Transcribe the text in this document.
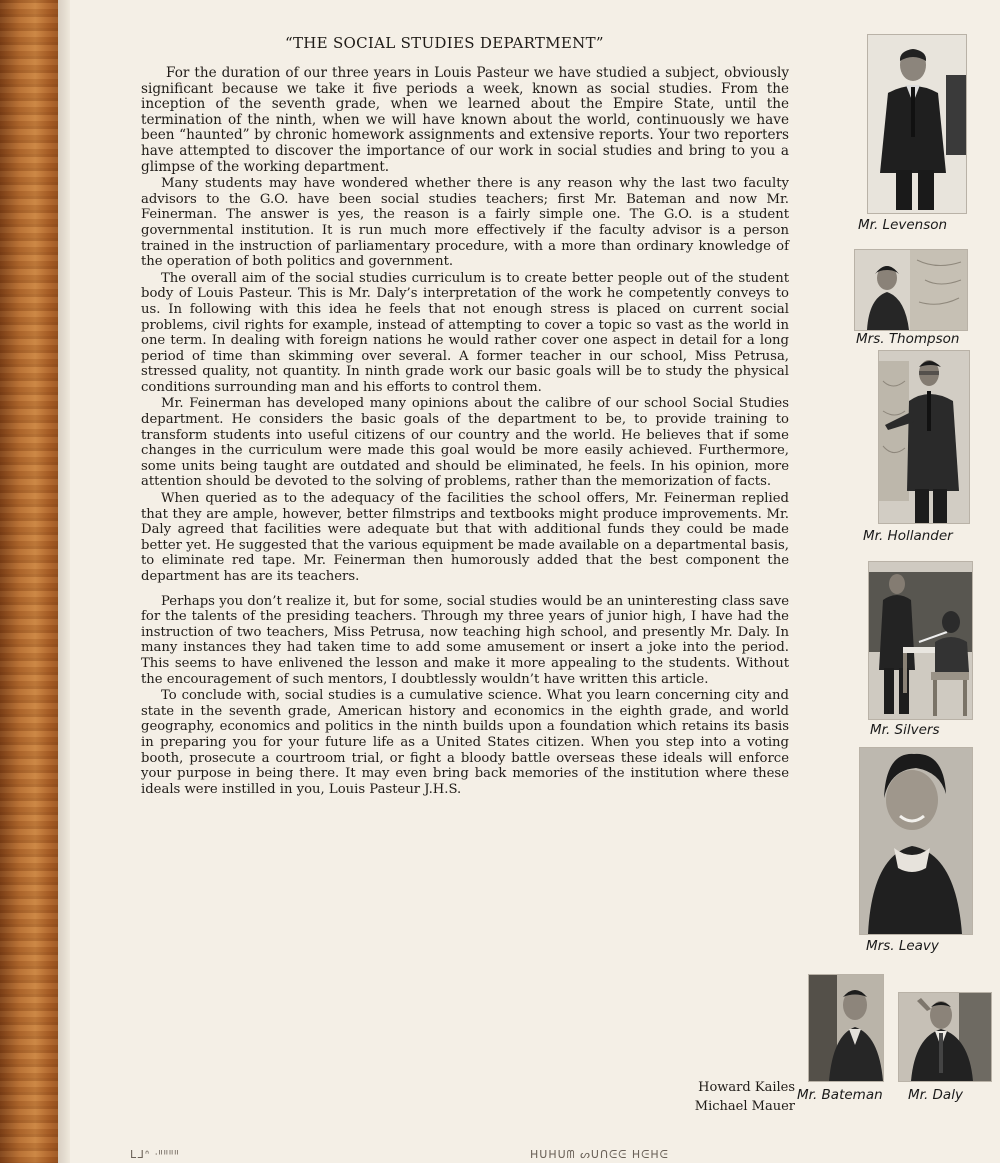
“THE SOCIAL STUDIES DEPARTMENT”

For the duration of our three years in Louis Pasteur we have studied a subject, obviously significant because we take it five periods a week, known as social studies. From the inception of the seventh grade, when we learned about the Empire State, until the termination of the ninth, when we will have known about the world, continuously we have been “haunted” by chronic homework assignments and extensive reports. Your two reporters have attempted to discover the importance of our work in social studies and bring to you a glimpse of the working department.

Many students may have wondered whether there is any reason why the last two faculty advisors to the G.O. have been social studies teachers; first Mr. Bateman and now Mr. Feinerman. The answer is yes, the reason is a fairly simple one. The G.O. is a student governmental institution. It is run much more effectively if the faculty advisor is a person trained in the instruction of parliamentary procedure, with a more than ordinary knowledge of the operation of both politics and government.

The overall aim of the social studies curriculum is to create better people out of the student body of Louis Pasteur. This is Mr. Daly’s interpretation of the work he competently conveys to us. In following with this idea he feels that not enough stress is placed on current social problems, civil rights for example, instead of attempting to cover a topic so vast as the world in one term. In dealing with foreign nations he would rather cover one aspect in detail for a long period of time than skimming over several. A former teacher in our school, Miss Petrusa, stressed quality, not quantity. In ninth grade work our basic goals will be to study the physical conditions surrounding man and his efforts to control them.

Mr. Feinerman has developed many opinions about the calibre of our school Social Studies department. He considers the basic goals of the department to be, to provide training to transform students into useful citizens of our country and the world. He believes that if some changes in the curriculum were made this goal would be more easily achieved. Furthermore, some units being taught are outdated and should be eliminated, he feels. In his opinion, more attention should be devoted to the solving of problems, rather than the memorization of facts.

When queried as to the adequacy of the facilities the school offers, Mr. Feinerman replied that they are ample, however, better filmstrips and textbooks might produce improvements. Mr. Daly agreed that facilities were adequate but that with additional funds they could be made better yet. He suggested that the various equipment be made available on a departmental basis, to eliminate red tape. Mr. Feinerman then humorously added that the best component the department has are its teachers.

Perhaps you don’t realize it, but for some, social studies would be an uninteresting class save for the talents of the presiding teachers. Through my three years of junior high, I have had the instruction of two teachers, Miss Petrusa, now teaching high school, and presently Mr. Daly. In many instances they had taken time to add some amusement or insert a joke into the period. This seems to have enlivened the lesson and make it more appealing to the students. Without the encouragement of such mentors, I doubtlessly wouldn’t have written this article.

To conclude with, social studies is a cumulative science. What you learn concerning city and state in the seventh grade, American history and economics in the eighth grade, and world geography, economics and politics in the ninth builds upon a foundation which retains its basis in preparing you for your future life as a United States citizen. When you step into a voting booth, prosecute a courtroom trial, or fight a bloody battle overseas these ideals will enforce your purpose in being there. It may even bring back memories of the institution where these ideals were instilled in you, Louis Pasteur J.H.S.

Howard Kailes
Michael Mauer
Mr. Levenson
Mrs. Thompson
Mr. Hollander
Mr. Silvers
Mrs. Leavy
Mr. Bateman Mr. Daly
ᒪᒧᐢ ᐧᐦᐦᐦᐦ	ᕼᑌᕼᑌᗰ ᔕᑌᑎᕮᕮ ᕼᕮᕼᕮ
